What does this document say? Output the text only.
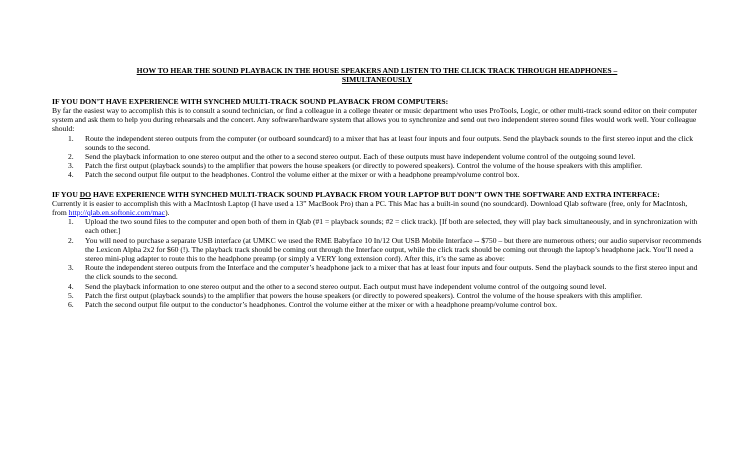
HOW TO HEAR THE SOUND PLAYBACK IN THE HOUSE SPEAKERS AND LISTEN TO THE CLICK TRACK THROUGH HEADPHONES –
SIMULTANEOUSLY

IF YOU DON’T HAVE EXPERIENCE WITH SYNCHED MULTI-TRACK SOUND PLAYBACK FROM COMPUTERS:

By far the easiest way to accomplish this is to consult a sound technician, or find a colleague in a college theater or music department who uses ProTools, Logic, or other multi-track sound editor on their computer system and ask them to help you during rehearsals and the concert. Any software/hardware system that allows you to synchronize and send out two independent stereo sound files would work well. Your colleague should:

1. Route the independent stereo outputs from the computer (or outboard soundcard) to a mixer that has at least four inputs and four outputs. Send the playback sounds to the first stereo input and the click sounds to the second.
2. Send the playback information to one stereo output and the other to a second stereo output. Each of these outputs must have independent volume control of the outgoing sound level.
3. Patch the first output (playback sounds) to the amplifier that powers the house speakers (or directly to powered speakers). Control the volume of the house speakers with this amplifier.
4. Patch the second output file output to the headphones. Control the volume either at the mixer or with a headphone preamp/volume control box.

IF YOU DO HAVE EXPERIENCE WITH SYNCHED MULTI-TRACK SOUND PLAYBACK FROM YOUR LAPTOP BUT DON’T OWN THE SOFTWARE AND EXTRA INTERFACE:

Currently it is easier to accomplish this with a MacIntosh Laptop (I have used a 13” MacBook Pro) than a PC. This Mac has a built-in sound (no soundcard). Download Qlab software (free, only for MacIntosh, from http://qlab.en.softonic.com/mac).

1. Upload the two sound files to the computer and open both of them in Qlab (#1 = playback sounds; #2 = click track). [If both are selected, they will play back simultaneously, and in synchronization with each other.]
2. You will need to purchase a separate USB interface (at UMKC we used the RME Babyface 10 In/12 Out USB Mobile Interface -- $750 – but there are numerous others; our audio supervisor recommends the Lexicon Alpha 2x2 for $60 (!). The playback track should be coming out through the Interface output, while the click track should be coming out through the laptop’s headphone jack. You’ll need a stereo mini-plug adapter to route this to the headphone preamp (or simply a VERY long extension cord). After this, it’s the same as above:
3. Route the independent stereo outputs from the Interface and the computer’s headphone jack to a mixer that has at least four inputs and four outputs. Send the playback sounds to the first stereo input and the click sounds to the second.
4. Send the playback information to one stereo output and the other to a second stereo output. Each output must have independent volume control of the outgoing sound level.
5. Patch the first output (playback sounds) to the amplifier that powers the house speakers (or directly to powered speakers). Control the volume of the house speakers with this amplifier.
6. Patch the second output file output to the conductor’s headphones. Control the volume either at the mixer or with a headphone preamp/volume control box.
